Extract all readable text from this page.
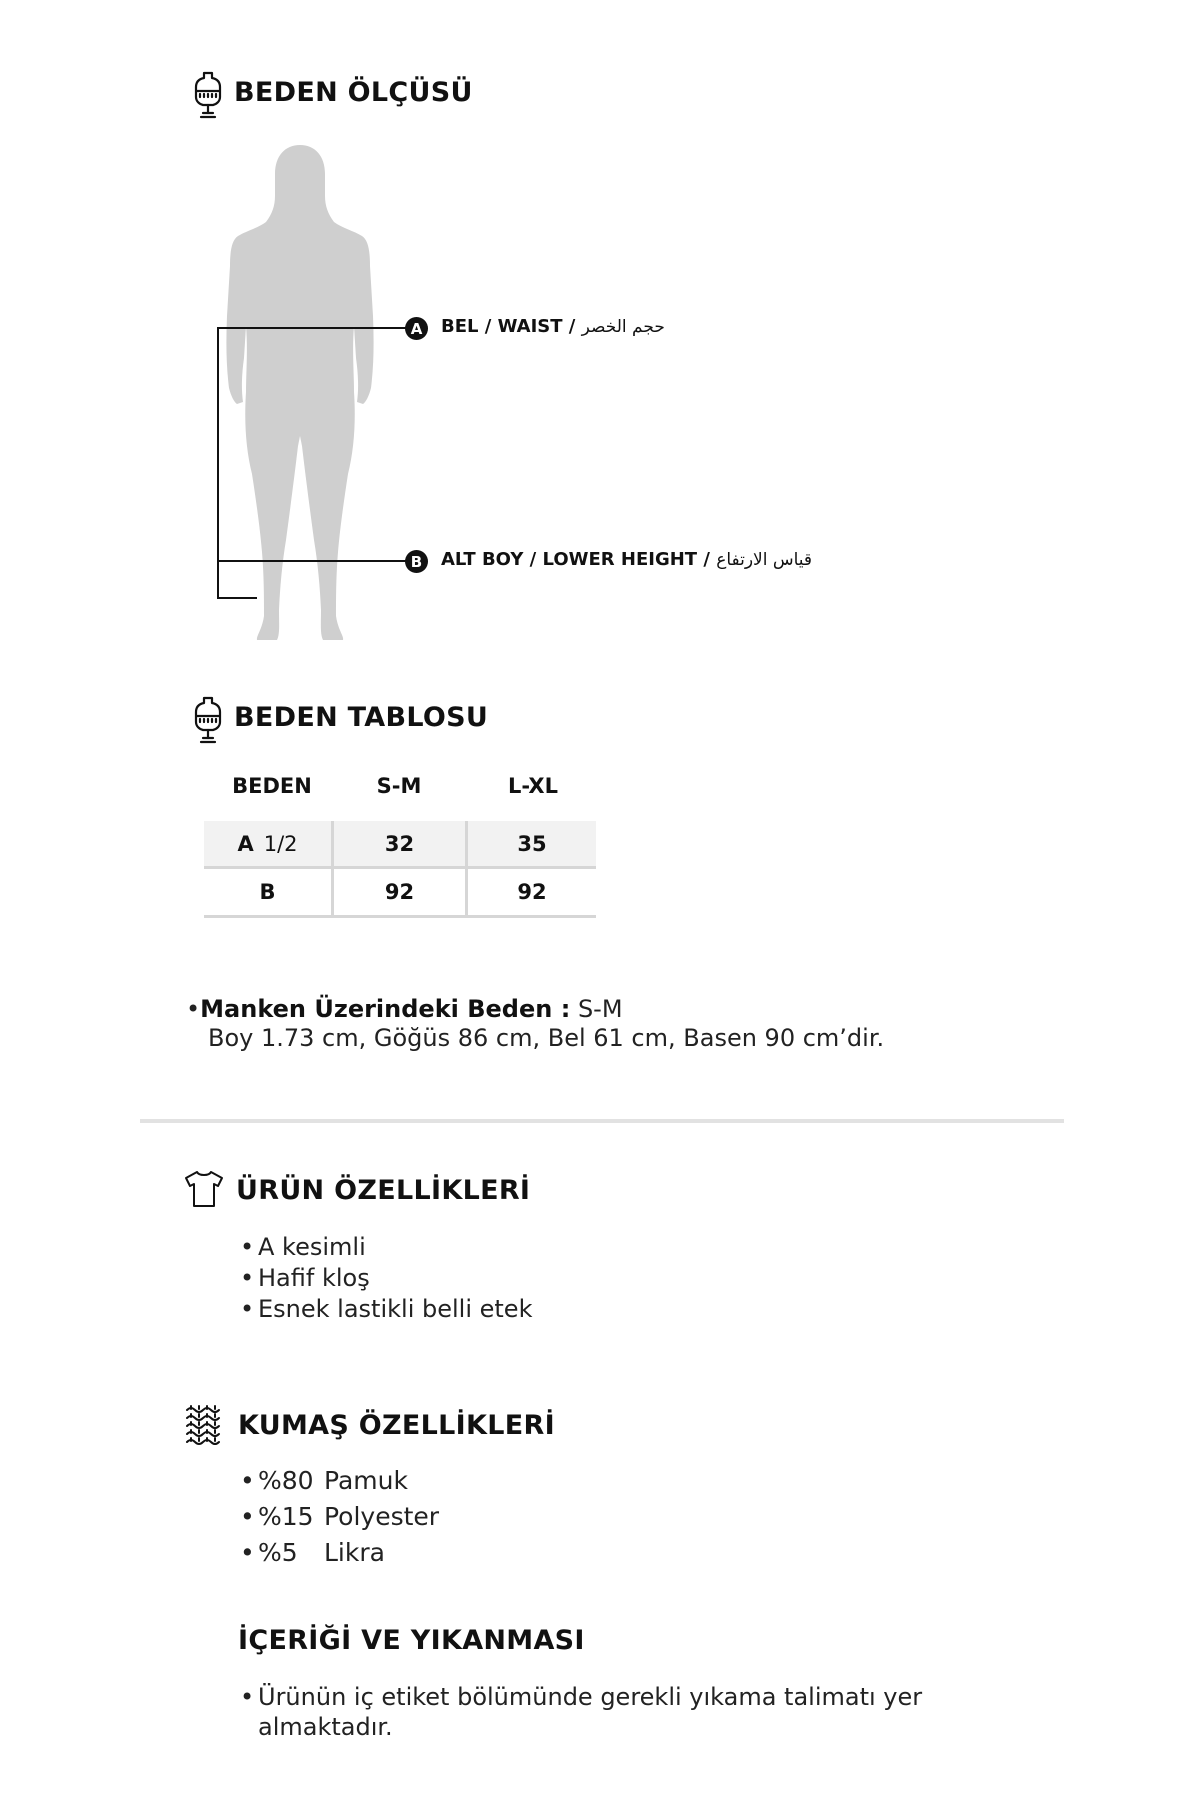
BEDEN ÖLÇÜSÜ
A	BEL / WAIST / حجم الخصر
B	ALT BOY / LOWER HEIGHT / قياس الارتفاع
BEDEN TABLOSU
BEDEN	S-M	L-XL
A 1/2	32	35
B	92	92
•Manken Üzerindeki Beden : S-M
Boy 1.73 cm, Göğüs 86 cm, Bel 61 cm, Basen 90 cm’dir.
ÜRÜN ÖZELLİKLERİ
• A kesimli
• Hafif kloş
• Esnek lastikli belli etek
KUMAŞ ÖZELLİKLERİ
• %80 Pamuk
• %15 Polyester
• %5 Likra
İÇERİĞİ VE YIKANMASI
• Ürünün iç etiket bölümünde gerekli yıkama talimatı yer almaktadır.
